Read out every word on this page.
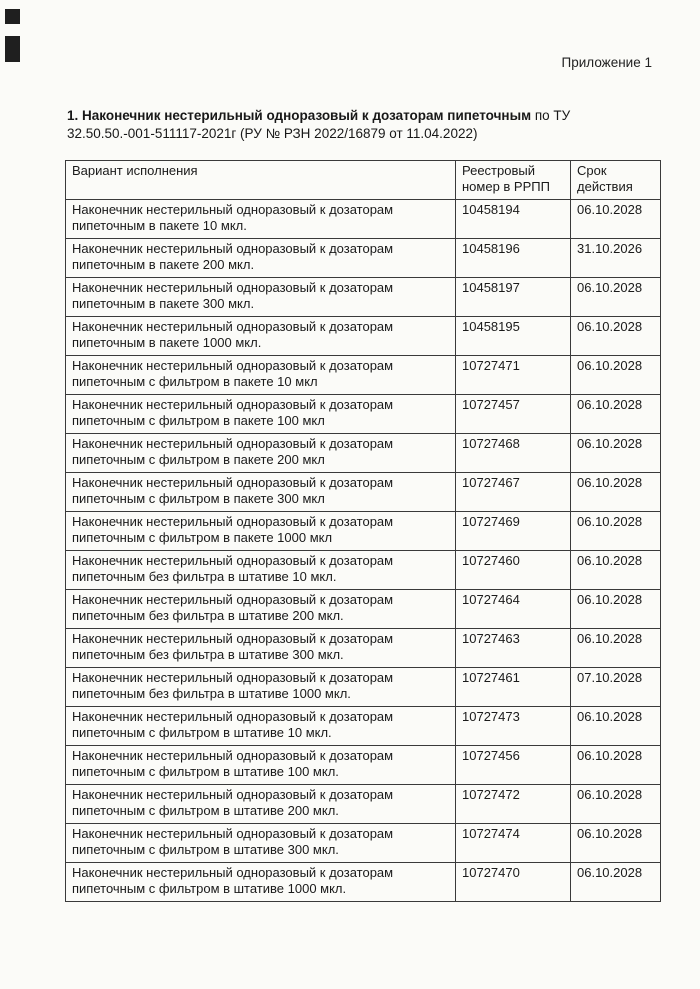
Приложение 1
1. Наконечник нестерильный одноразовый к дозаторам пипеточным по ТУ 32.50.50.-001-511117-2021г (РУ № РЗН 2022/16879 от 11.04.2022)
Вариант исполнения	Реестровый номер в РРПП	Срок действия
Наконечник нестерильный одноразовый к дозаторам пипеточным в пакете 10 мкл.	10458194	06.10.2028
Наконечник нестерильный одноразовый к дозаторам пипеточным в пакете 200 мкл.	10458196	31.10.2026
Наконечник нестерильный одноразовый к дозаторам пипеточным в пакете 300 мкл.	10458197	06.10.2028
Наконечник нестерильный одноразовый к дозаторам пипеточным в пакете 1000 мкл.	10458195	06.10.2028
Наконечник нестерильный одноразовый к дозаторам пипеточным с фильтром в пакете 10 мкл	10727471	06.10.2028
Наконечник нестерильный одноразовый к дозаторам пипеточным с фильтром в пакете 100 мкл	10727457	06.10.2028
Наконечник нестерильный одноразовый к дозаторам пипеточным с фильтром в пакете 200 мкл	10727468	06.10.2028
Наконечник нестерильный одноразовый к дозаторам пипеточным с фильтром в пакете 300 мкл	10727467	06.10.2028
Наконечник нестерильный одноразовый к дозаторам пипеточным с фильтром в пакете 1000 мкл	10727469	06.10.2028
Наконечник нестерильный одноразовый к дозаторам пипеточным без фильтра в штативе 10 мкл.	10727460	06.10.2028
Наконечник нестерильный одноразовый к дозаторам пипеточным без фильтра в штативе 200 мкл.	10727464	06.10.2028
Наконечник нестерильный одноразовый к дозаторам пипеточным без фильтра в штативе 300 мкл.	10727463	06.10.2028
Наконечник нестерильный одноразовый к дозаторам пипеточным без фильтра в штативе 1000 мкл.	10727461	07.10.2028
Наконечник нестерильный одноразовый к дозаторам пипеточным с фильтром в штативе 10 мкл.	10727473	06.10.2028
Наконечник нестерильный одноразовый к дозаторам пипеточным с фильтром в штативе 100 мкл.	10727456	06.10.2028
Наконечник нестерильный одноразовый к дозаторам пипеточным с фильтром в штативе 200 мкл.	10727472	06.10.2028
Наконечник нестерильный одноразовый к дозаторам пипеточным с фильтром в штативе 300 мкл.	10727474	06.10.2028
Наконечник нестерильный одноразовый к дозаторам пипеточным с фильтром в штативе 1000 мкл.	10727470	06.10.2028
